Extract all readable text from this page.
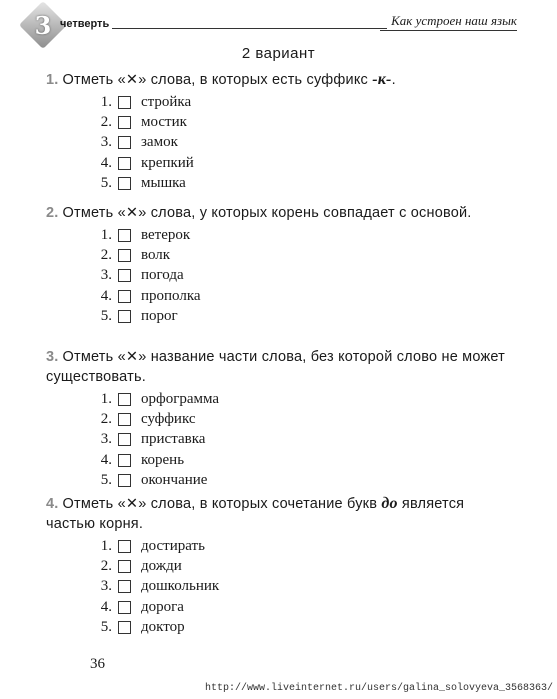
3 четверть	Как устроен наш язык
2 вариант
1. Отметь «✕» слова, в которых есть суффикс -к-.
1. стройка
2. мостик
3. замок
4. крепкий
5. мышка
2. Отметь «✕» слова, у которых корень совпадает с основой.
1. ветерок
2. волк
3. погода
4. прополка
5. порог
3. Отметь «✕» название части слова, без которой слово не может существовать.
1. орфограмма
2. суффикс
3. приставка
4. корень
5. окончание
4. Отметь «✕» слова, в которых сочетание букв до является частью корня.
1. достирать
2. дожди
3. дошкольник
4. дорога
5. доктор
36
http://www.liveinternet.ru/users/galina_solovyeva_3568363/
